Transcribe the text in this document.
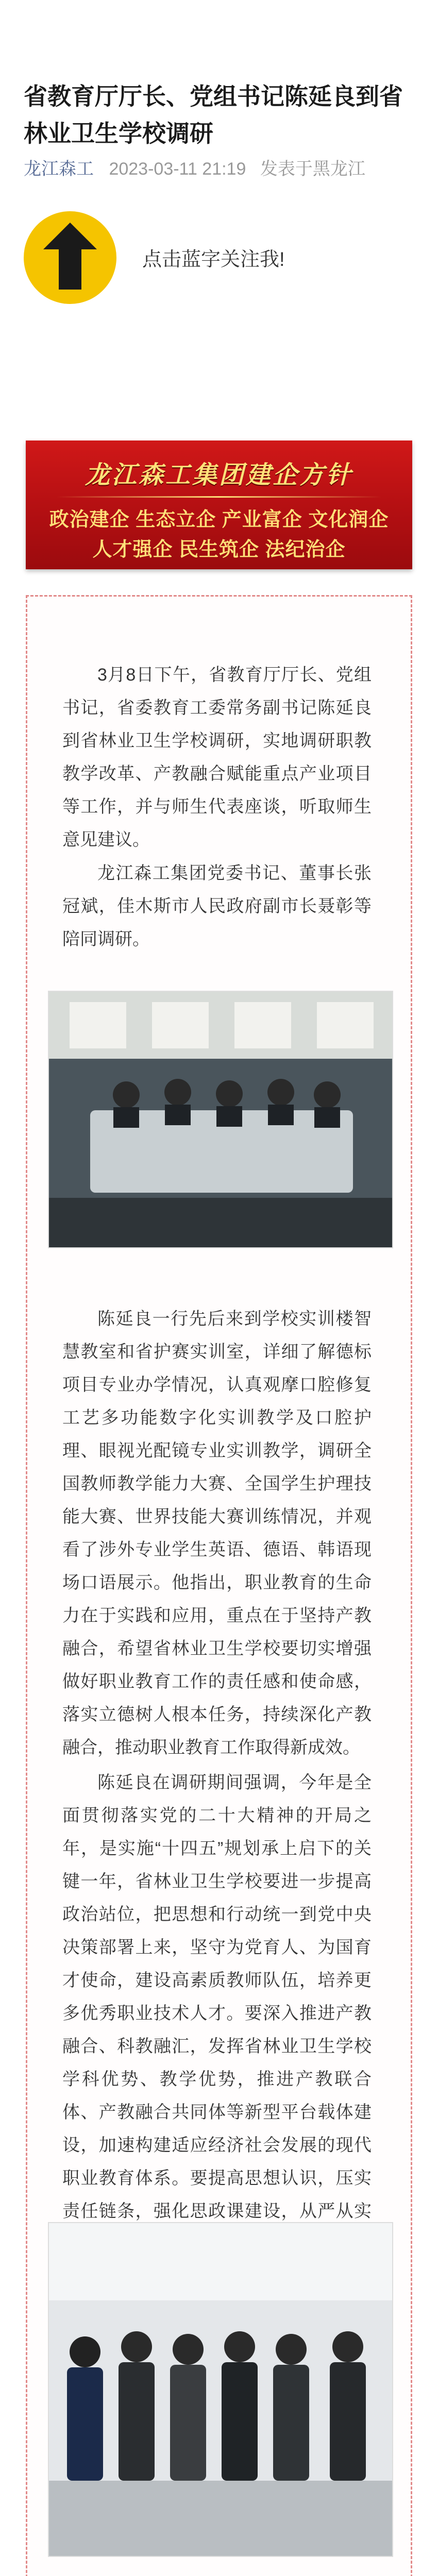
省教育厅厅长、党组书记陈延良到省林业卫生学校调研
龙江森工 2023-03-11 21:19 发表于黑龙江
点击蓝字关注我!
龙江森工集团建企方针
政治建企 生态立企 产业富企 文化润企
人才强企 民生筑企 法纪治企

3月8日下午，省教育厅厅长、党组书记，省委教育工委常务副书记陈延良到省林业卫生学校调研，实地调研职教教学改革、产教融合赋能重点产业项目等工作，并与师生代表座谈，听取师生意见建议。

龙江森工集团党委书记、董事长张冠斌，佳木斯市人民政府副市长聂彰等陪同调研。

陈延良一行先后来到学校实训楼智慧教室和省护赛实训室，详细了解德标项目专业办学情况，认真观摩口腔修复工艺多功能数字化实训教学及口腔护理、眼视光配镜专业实训教学，调研全国教师教学能力大赛、全国学生护理技能大赛、世界技能大赛训练情况，并观看了涉外专业学生英语、德语、韩语现场口语展示。他指出，职业教育的生命力在于实践和应用，重点在于坚持产教融合，希望省林业卫生学校要切实增强做好职业教育工作的责任感和使命感，落实立德树人根本任务，持续深化产教融合，推动职业教育工作取得新成效。

陈延良在调研期间强调，今年是全面贯彻落实党的二十大精神的开局之年，是实施“十四五”规划承上启下的关键一年，省林业卫生学校要进一步提高政治站位，把思想和行动统一到党中央决策部署上来，坚守为党育人、为国育才使命，建设高素质教师队伍，培养更多优秀职业技术人才。要深入推进产教融合、科教融汇，发挥省林业卫生学校学科优势、教学优势，推进产教联合体、产教融合共同体等新型平台载体建设，加速构建适应经济社会发展的现代职业教育体系。要提高思想认识，压实责任链条，强化思政课建设，从严从实
